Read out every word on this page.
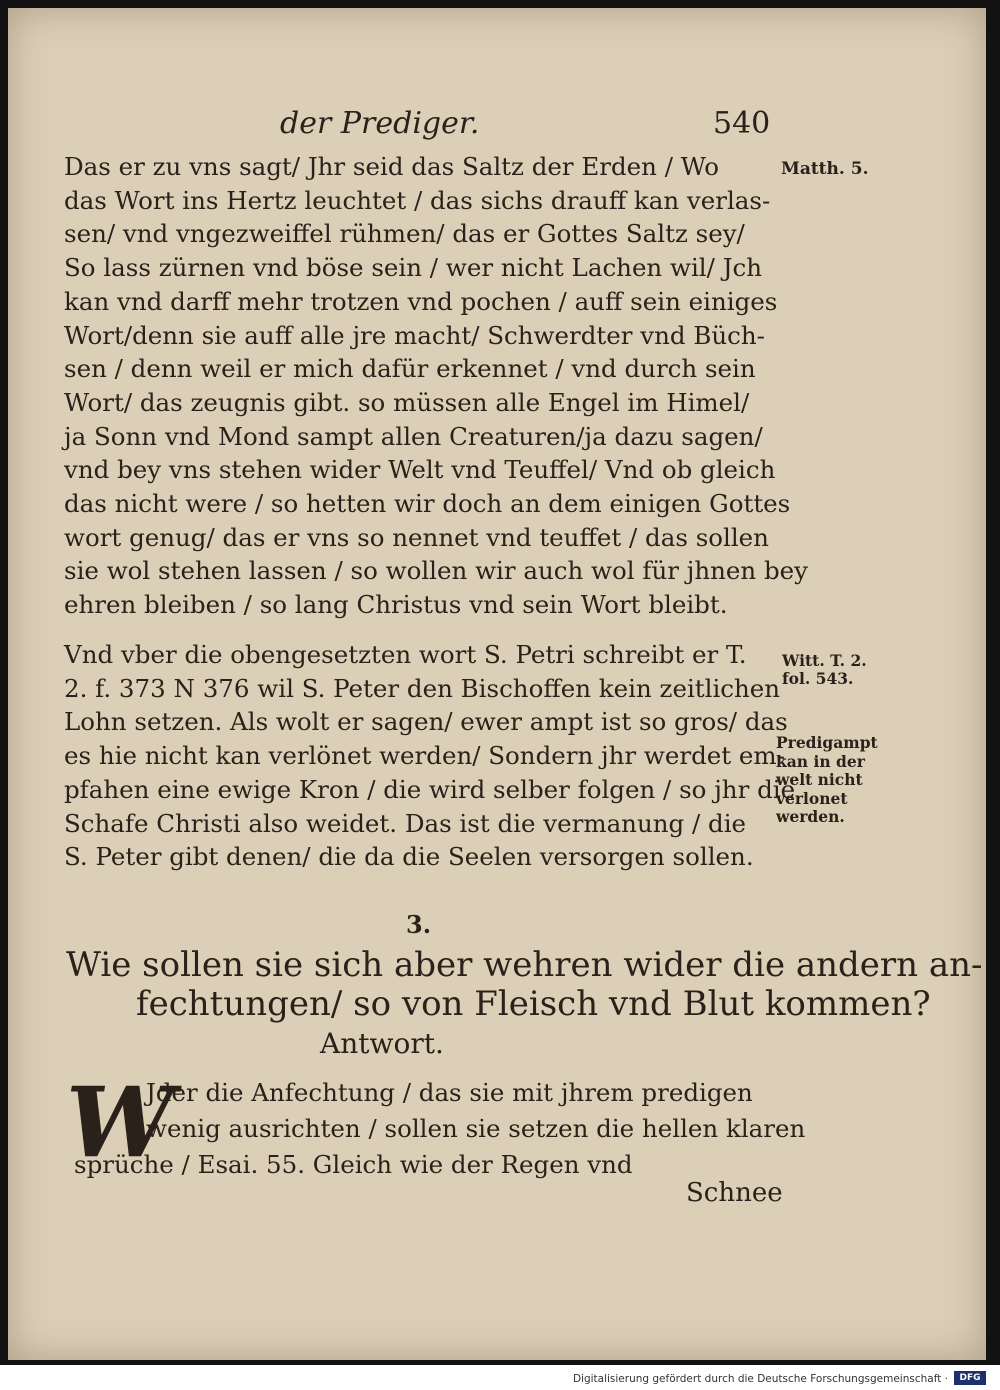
der Prediger.	540
Das er zu vns sagt/ Jhr seid das Saltz der Erden / Wo
das Wort ins Hertz leuchtet / das sichs drauff kan verlas-
sen/ vnd vngezweiffel rühmen/ das er Gottes Saltz sey/
So lass zürnen vnd böse sein / wer nicht Lachen wil/ Jch
kan vnd darff mehr trotzen vnd pochen / auff sein einiges
Wort/denn sie auff alle jre macht/ Schwerdter vnd Büch-
sen / denn weil er mich dafür erkennet / vnd durch sein
Wort/ das zeugnis gibt. so müssen alle Engel im Himel/
ja Sonn vnd Mond sampt allen Creaturen/ja dazu sagen/
vnd bey vns stehen wider Welt vnd Teuffel/ Vnd ob gleich
das nicht were / so hetten wir doch an dem einigen Gottes
wort genug/ das er vns so nennet vnd teuffet / das sollen
sie wol stehen lassen / so wollen wir auch wol für jhnen bey
ehren bleiben / so lang Christus vnd sein Wort bleibt.
Matth. 5.
Vnd vber die obengesetzten wort S. Petri schreibt er T.
2. f. 373 N 376 wil S. Peter den Bischoffen kein zeitlichen
Lohn setzen. Als wolt er sagen/ ewer ampt ist so gros/ das
es hie nicht kan verlönet werden/ Sondern jhr werdet em-
pfahen eine ewige Kron / die wird selber folgen / so jhr die
Schafe Christi also weidet. Das ist die vermanung / die
S. Peter gibt denen/ die da die Seelen versorgen sollen.
Witt. T. 2.
fol. 543.
Predigampt
kan in der
welt nicht
verlonet
werden.
3.
Wie sollen sie sich aber wehren wider die andern an-
fechtungen/ so von Fleisch vnd Blut kommen?
Antwort.
W
Jder die Anfechtung / das sie mit jhrem predigen
wenig ausrichten / sollen sie setzen die hellen klaren
sprüche / Esai. 55. Gleich wie der Regen vnd
Schnee
Digitalisierung gefördert durch die Deutsche Forschungsgemeinschaft ·	DFG
